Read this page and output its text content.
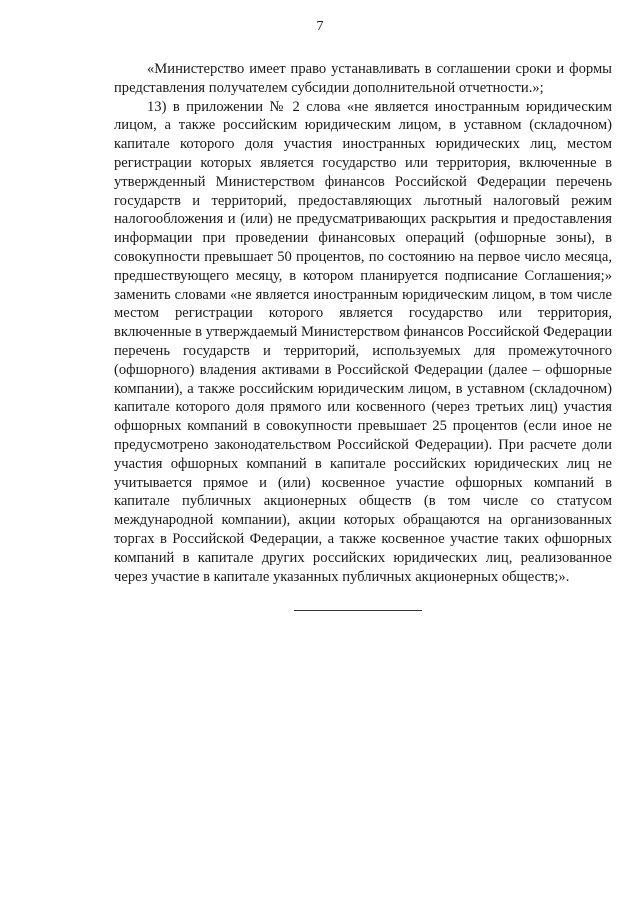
7

«Министерство имеет право устанавливать в соглашении сроки и формы представления получателем субсидии дополнительной отчетности.»;

13) в приложении № 2 слова «не является иностранным юридическим лицом, а также российским юридическим лицом, в уставном (складочном) капитале которого доля участия иностранных юридических лиц, местом регистрации которых является государство или территория, включенные в утвержденный Министерством финансов Российской Федерации перечень государств и территорий, предоставляющих льготный налоговый режим налогообложения и (или) не предусматривающих раскрытия и предоставления информации при проведении финансовых операций (офшорные зоны), в совокупности превышает 50 процентов, по состоянию на первое число месяца, предшествующего месяцу, в котором планируется подписание Соглашения;» заменить словами «не является иностранным юридическим лицом, в том числе местом регистрации которого является государство или территория, включенные в утверждаемый Министерством финансов Российской Федерации перечень государств и территорий, используемых для промежуточного (офшорного) владения активами в Российской Федерации (далее – офшорные компании), а также российским юридическим лицом, в уставном (складочном) капитале которого доля прямого или косвенного (через третьих лиц) участия офшорных компаний в совокупности превышает 25 процентов (если иное не предусмотрено законодательством Российской Федерации). При расчете доли участия офшорных компаний в капитале российских юридических лиц не учитывается прямое и (или) косвенное участие офшорных компаний в капитале публичных акционерных обществ (в том числе со статусом международной компании), акции которых обращаются на организованных торгах в Российской Федерации, а также косвенное участие таких офшорных компаний в капитале других российских юридических лиц, реализованное через участие в капитале указанных публичных акционерных обществ;».
